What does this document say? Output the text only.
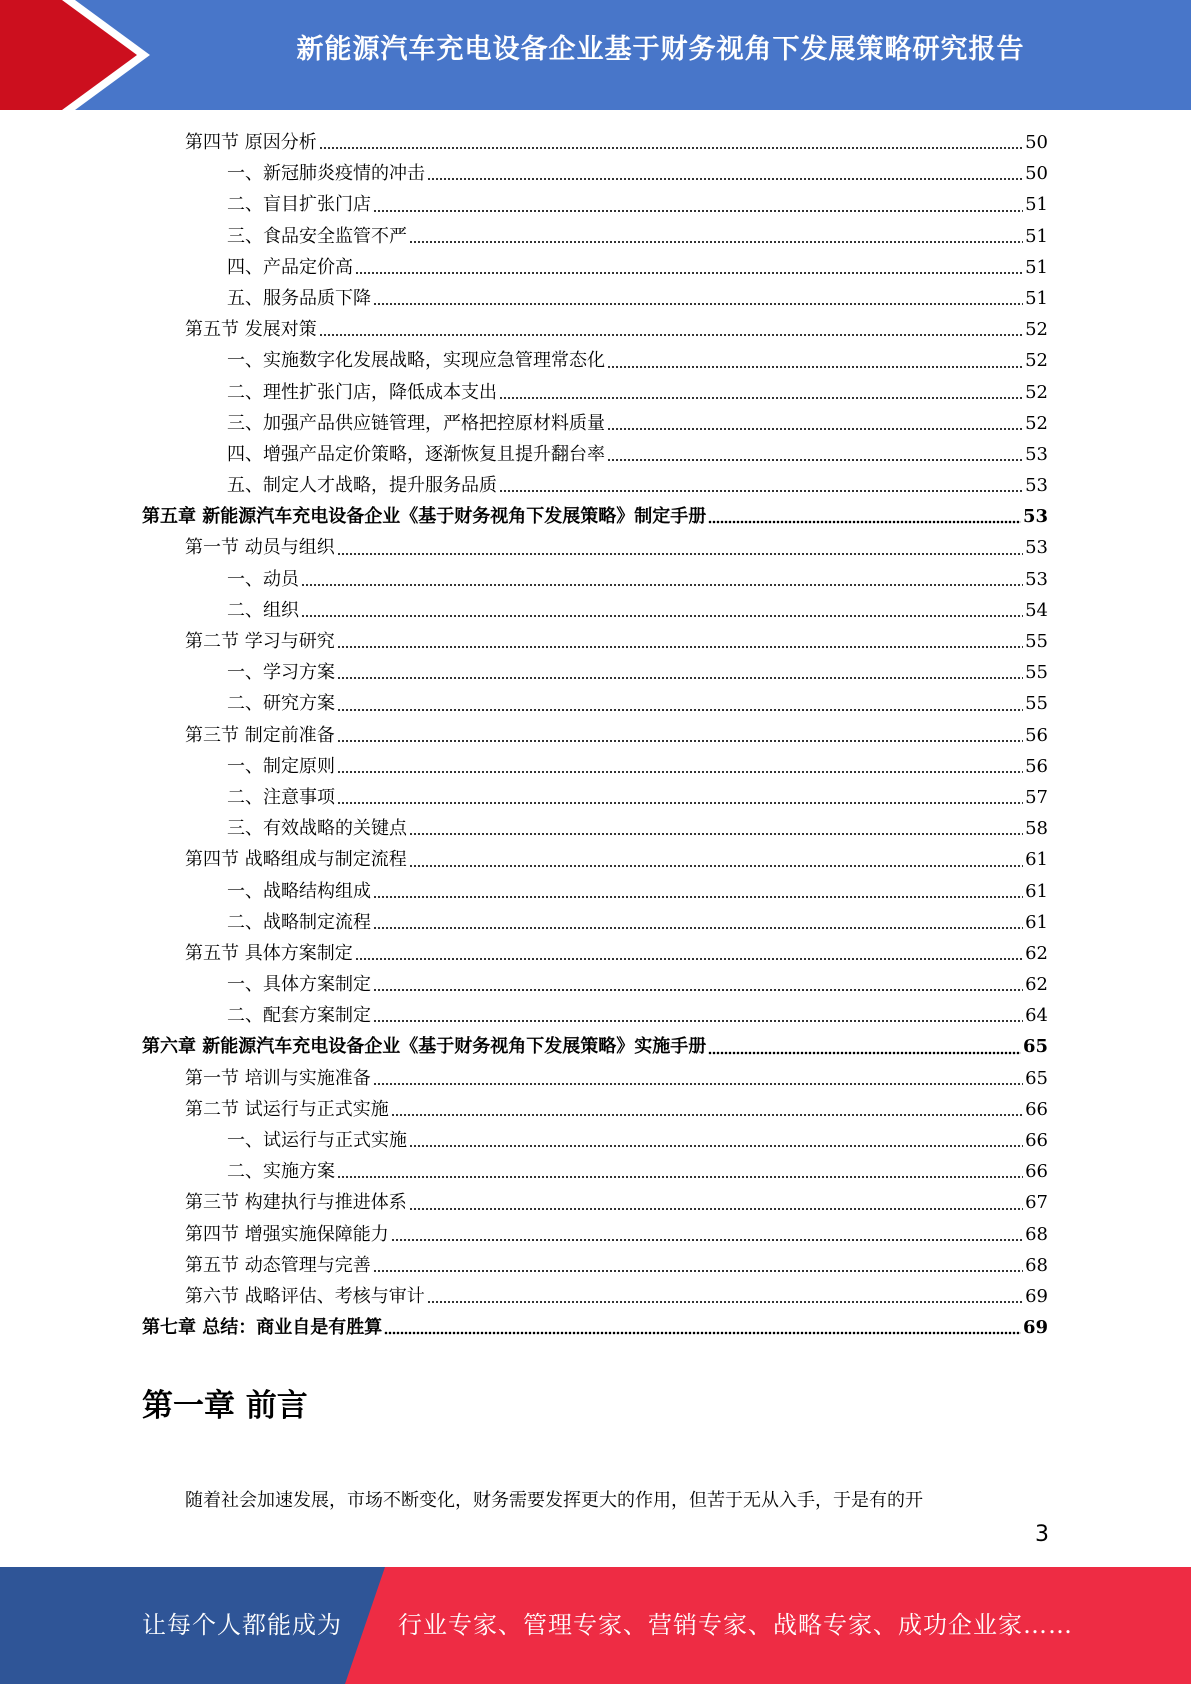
新能源汽车充电设备企业基于财务视角下发展策略研究报告
第四节 原因分析	50
一、新冠肺炎疫情的冲击	50
二、盲目扩张门店	51
三、食品安全监管不严	51
四、产品定价高	51
五、服务品质下降	51
第五节 发展对策	52
一、实施数字化发展战略，实现应急管理常态化	52
二、理性扩张门店，降低成本支出	52
三、加强产品供应链管理，严格把控原材料质量	52
四、增强产品定价策略，逐渐恢复且提升翻台率	53
五、制定人才战略，提升服务品质	53
第五章 新能源汽车充电设备企业《基于财务视角下发展策略》制定手册	53
第一节 动员与组织	53
一、动员	53
二、组织	54
第二节 学习与研究	55
一、学习方案	55
二、研究方案	55
第三节 制定前准备	56
一、制定原则	56
二、注意事项	57
三、有效战略的关键点	58
第四节 战略组成与制定流程	61
一、战略结构组成	61
二、战略制定流程	61
第五节 具体方案制定	62
一、具体方案制定	62
二、配套方案制定	64
第六章 新能源汽车充电设备企业《基于财务视角下发展策略》实施手册	65
第一节 培训与实施准备	65
第二节 试运行与正式实施	66
一、试运行与正式实施	66
二、实施方案	66
第三节 构建执行与推进体系	67
第四节 增强实施保障能力	68
第五节 动态管理与完善	68
第六节 战略评估、考核与审计	69
第七章 总结：商业自是有胜算	69
第一章 前言

随着社会加速发展，市场不断变化，财务需要发挥更大的作用，但苦于无从入手，于是有的开

3
让每个人都能成为 行业专家、管理专家、营销专家、战略专家、成功企业家……
